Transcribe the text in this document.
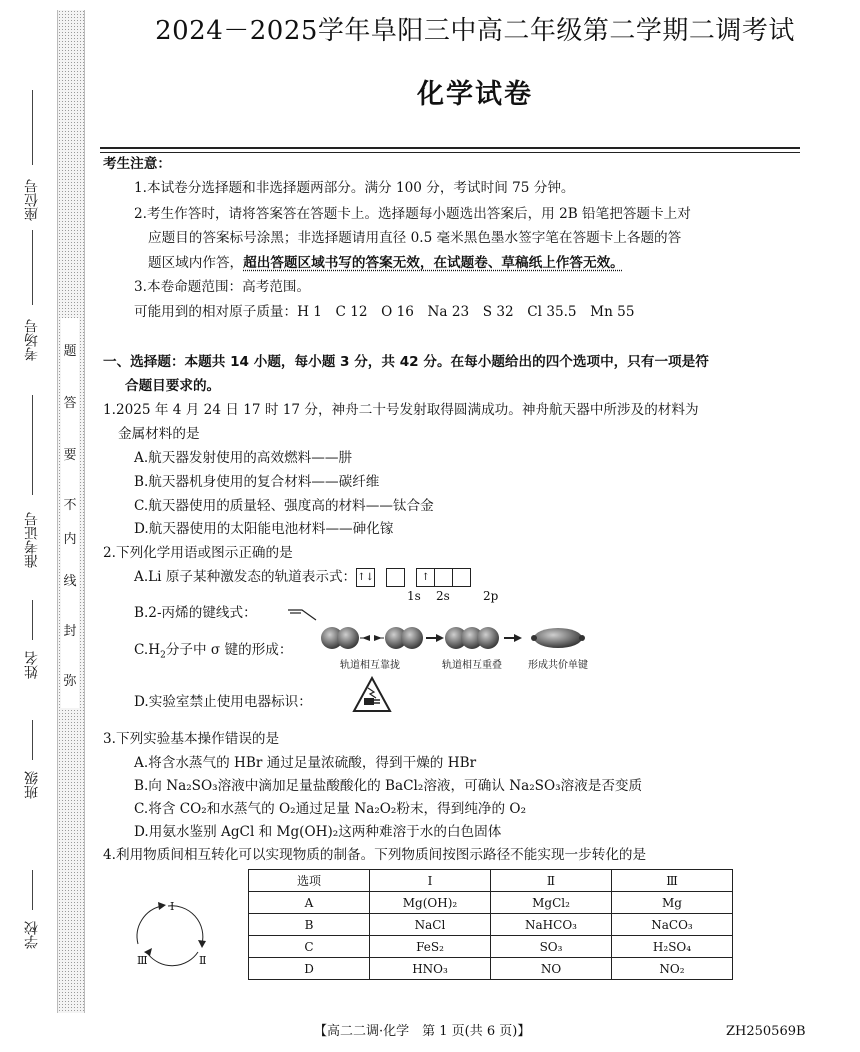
题
答
要
不
内
线
封
弥
座位号
考场号
准考证号
姓名
班级
学校
2024－2025学年阜阳三中高二年级第二学期二调考试
化学试卷
考生注意：
1.本试卷分选择题和非选择题两部分。满分 100 分，考试时间 75 分钟。
2.考生作答时，请将答案答在答题卡上。选择题每小题选出答案后，用 2B 铅笔把答题卡上对
应题目的答案标号涂黑；非选择题请用直径 0.5 毫米黑色墨水签字笔在答题卡上各题的答
题区域内作答，超出答题区域书写的答案无效，在试题卷、草稿纸上作答无效。
3.本卷命题范围：高考范围。
可能用到的相对原子质量：H 1　C 12　O 16　Na 23　S 32　Cl 35.5　Mn 55
一、选择题：本题共 14 小题，每小题 3 分，共 42 分。在每小题给出的四个选项中，只有一项是符
合题目要求的。
1.2025 年 4 月 24 日 17 时 17 分，神舟二十号发射取得圆满成功。神舟航天器中所涉及的材料为
金属材料的是
A.航天器发射使用的高效燃料——肼
B.航天器机身使用的复合材料——碳纤维
C.航天器使用的质量轻、强度高的材料——钛合金
D.航天器使用的太阳能电池材料——砷化镓
2.下列化学用语或图示正确的是
A.Li 原子某种激发态的轨道表示式：↑↓	↑
1s 2s	2p
B.2-丙烯的键线式：
$C.H_2$分子中 σ 键的形成：
轨道相互靠拢	轨道相互重叠	形成共价单键
D.实验室禁止使用电器标识：
3.下列实验基本操作错误的是
A.将含水蒸气的 HBr 通过足量浓硫酸，得到干燥的 HBr
B.向 Na₂SO₃溶液中滴加足量盐酸酸化的 BaCl₂溶液，可确认 Na₂SO₃溶液是否变质
C.将含 CO₂和水蒸气的 O₂通过足量 Na₂O₂粉末，得到纯净的 O₂
D.用氨水鉴别 AgCl 和 Mg(OH)₂这两种难溶于水的白色固体
4.利用物质间相互转化可以实现物质的制备。下列物质间按图示路径不能实现一步转化的是
Ⅰ
Ⅱ
Ⅲ
选项	Ⅰ	Ⅱ	Ⅲ
A	Mg(OH)₂	MgCl₂	Mg
B	NaCl	NaHCO₃	NaCO₃
C	FeS₂	SO₃	H₂SO₄
D	HNO₃	NO	NO₂
【高二二调·化学　第 1 页(共 6 页)】	ZH250569B
